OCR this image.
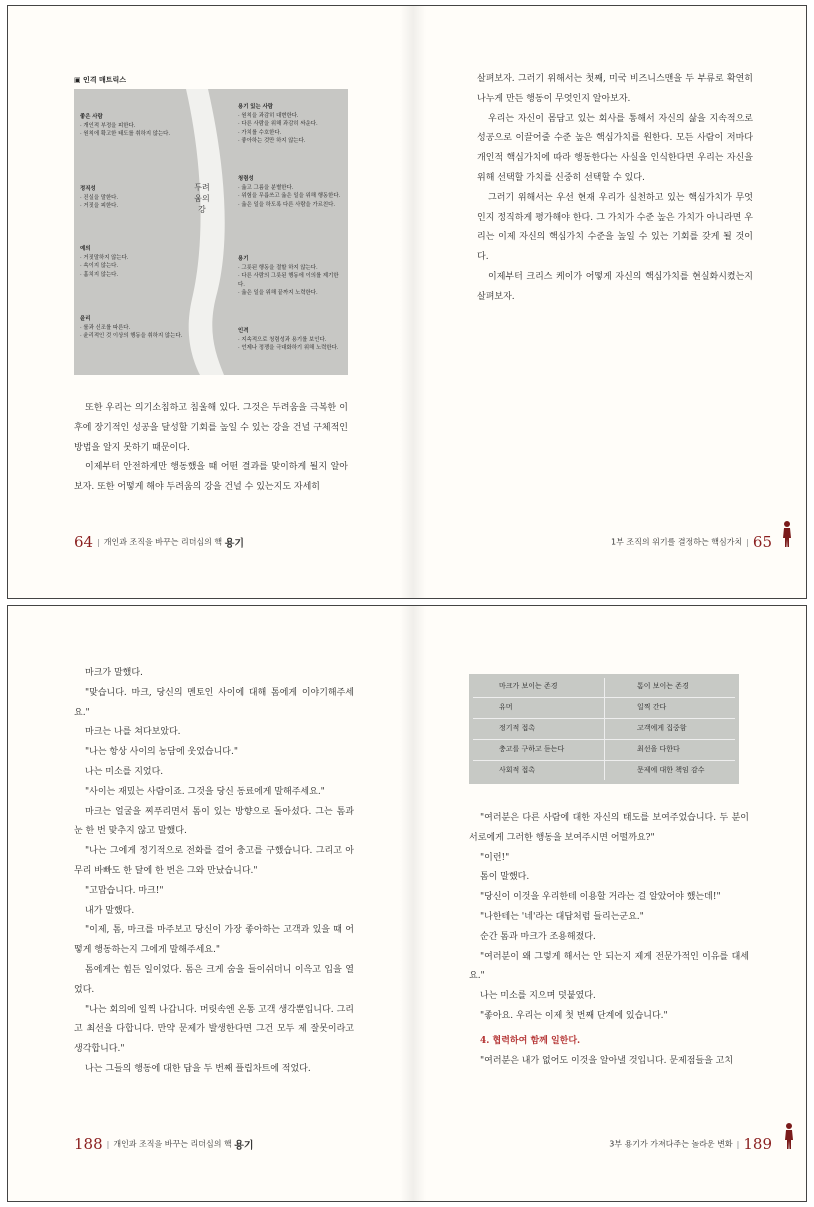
▣ 인격 매트릭스
두려움의 강
좋은 사람
· 개인적 부정을 피한다.
· 원칙에 확고한 태도를 취하지 않는다.
정직성
· 진실을 말한다.
· 거짓을 피한다.
예의
· 거짓말하지 않는다.
· 속이지 않는다.
· 훔치지 않는다.
윤리
· 룰과 신조를 따른다.
· 윤리적인 것 이상의 행동을 취하지 않는다.
용기 있는 사람
· 원칙을 과감히 대변한다.
· 다른 사람을 위해 과감히 싸운다.
· 가치를 수호한다.
· 좋아하는 것만 하지 않는다.
청렴성
· 옳고 그름을 분별한다.
· 위험을 무릅쓰고 옳은 일을 위해 행동한다.
· 옳은 일을 하도록 다른 사람을 가르친다.
용기
· 그릇된 행동을 절할 하지 않는다.
· 다른 사람의 그릇된 행동에 이의를 제기한다.
· 옳은 일을 위해 끝까지 노력한다.
인격
· 지속적으로 청렴성과 용기를 보인다.
· 언제나 정쟁을 극대화하기 위해 노력한다.

또한 우리는 의기소침하고 침울해 있다. 그것은 두려움을 극복한 이후에 장기적인 성공을 달성할 기회를 높일 수 있는 강을 건널 구체적인 방법을 알지 못하기 때문이다.

이제부터 안전하게만 행동했을 때 어떤 결과를 맞이하게 될지 알아보자. 또한 어떻게 해야 두려움의 강을 건널 수 있는지도 자세히

64 | 개인과 조직을 바꾸는 리더십의 핵 용기

살펴보자. 그러기 위해서는 첫째, 미국 비즈니스맨을 두 부류로 확연히 나누게 만든 행동이 무엇인지 알아보자.

우리는 자신이 몸담고 있는 회사를 통해서 자신의 삶을 지속적으로 성공으로 이끌어줄 수준 높은 핵심가치를 원한다. 모든 사람이 저마다 개인적 핵심가치에 따라 행동한다는 사실을 인식한다면 우리는 자신을 위해 선택할 가치를 신중히 선택할 수 있다.

그러기 위해서는 우선 현재 우리가 실천하고 있는 핵심가치가 무엇인지 정직하게 평가해야 한다. 그 가치가 수준 높은 가치가 아니라면 우리는 이제 자신의 핵심가치 수준을 높일 수 있는 기회를 갖게 될 것이다.

이제부터 크리스 케이가 어떻게 자신의 핵심가치를 현실화시켰는지 살펴보자.

1부 조직의 위기를 결정하는 핵심가치 | 65

마크가 말했다.

"맞습니다. 마크, 당신의 멘토인 사이에 대해 톰에게 이야기해주세요."

마크는 나를 쳐다보았다.

"나는 항상 사이의 농담에 웃었습니다."

나는 미소를 지었다.

"사이는 재밌는 사람이죠. 그것을 당신 동료에게 말해주세요."

마크는 얼굴을 찌푸리면서 톰이 있는 방향으로 돌아섰다. 그는 톰과 눈 한 번 맞추지 않고 말했다.

"나는 그에게 정기적으로 전화를 걸어 충고를 구했습니다. 그리고 아무리 바빠도 한 달에 한 번은 그와 만났습니다."

"고맙습니다. 마크!"

내가 말했다.

"이제, 톰, 마크를 마주보고 당신이 가장 좋아하는 고객과 있을 때 어떻게 행동하는지 그에게 말해주세요."

톰에게는 힘든 일이었다. 톰은 크게 숨을 들이쉬더니 이윽고 입을 열었다.

"나는 회의에 일찍 나갑니다. 머릿속엔 온통 고객 생각뿐입니다. 그리고 최선을 다합니다. 만약 문제가 발생한다면 그건 모두 제 잘못이라고 생각합니다."

나는 그들의 행동에 대한 답을 두 번째 플립차트에 적었다.

188 | 개인과 조직을 바꾸는 리더십의 핵 용기
마크가 보이는 존경	톰이 보이는 존경
유머	일찍 간다
정기적 접촉	고객에게 집중함
충고를 구하고 듣는다	최선을 다한다
사회적 접촉	문제에 대한 책임 감수

"여러분은 다른 사람에 대한 자신의 태도를 보여주었습니다. 두 분이 서로에게 그러한 행동을 보여주시면 어떨까요?"

"이런!"

톰이 말했다.

"당신이 이것을 우리한테 이용할 거라는 걸 알았어야 했는데!"

"나한테는 '네'라는 대답처럼 들리는군요."

순간 톰과 마크가 조용해졌다.

"여러분이 왜 그렇게 해서는 안 되는지 제게 전문가적인 이유를 대세요."

나는 미소를 지으며 덧붙였다.

"좋아요. 우리는 이제 첫 번째 단계에 있습니다."

4. 협력하여 함께 일한다.

"여러분은 내가 없어도 이것을 알아낼 것입니다. 문제점들을 고치

3부 용기가 가져다주는 놀라운 변화 | 189
